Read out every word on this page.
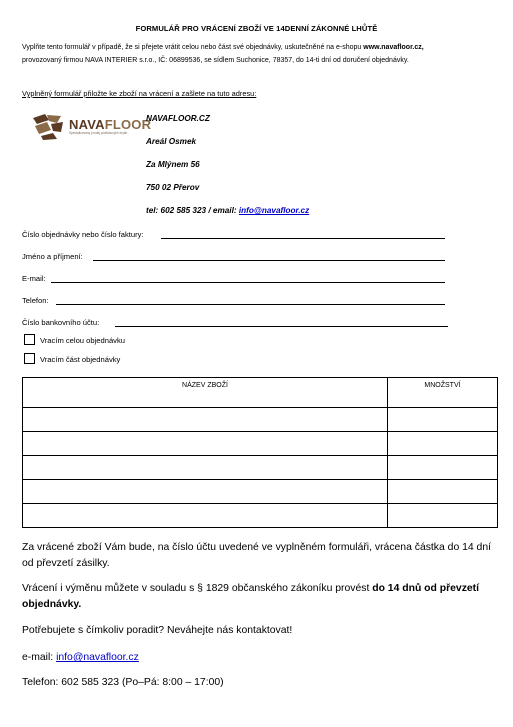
FORMULÁŘ PRO VRÁCENÍ ZBOŽÍ VE 14DENNÍ ZÁKONNÉ LHŮTĚ
Vyplňte tento formulář v případě, že si přejete vrátit celou nebo část své objednávky, uskutečněné na e-shopu www.navafloor.cz,
provozovaný firmou NAVA INTERIER s.r.o., IČ: 06899536, se sídlem Suchonice, 78357, do 14-ti dní od doručení objednávky.
Vyplněný formulář přiložte ke zboží na vrácení a zašlete na tuto adresu:
NAVAFLOOR
Specializovaný prodej podlahových krytin
NAVAFLOOR.CZ
Areál Osmek
Za Mlýnem 56
750 02 Přerov
tel: 602 585 323 / email: info@navafloor.cz
Číslo objednávky nebo číslo faktury:
Jméno a příjmení:
E-mail:
Telefon:
Číslo bankovního účtu:
Vracím celou objednávku
Vracím část objednávky
NÁZEV ZBOŽÍ	MNOŽSTVÍ

Za vrácené zboží Vám bude, na číslo účtu uvedené ve vyplněném formuláři, vrácena částka do 14 dní od převzetí zásilky.
Vrácení i výměnu můžete v souladu s § 1829 občanského zákoníku provést do 14 dnů od převzetí objednávky.
Potřebujete s čímkoliv poradit? Neváhejte nás kontaktovat!
e-mail: info@navafloor.cz
Telefon: 602 585 323 (Po–Pá: 8:00 – 17:00)
